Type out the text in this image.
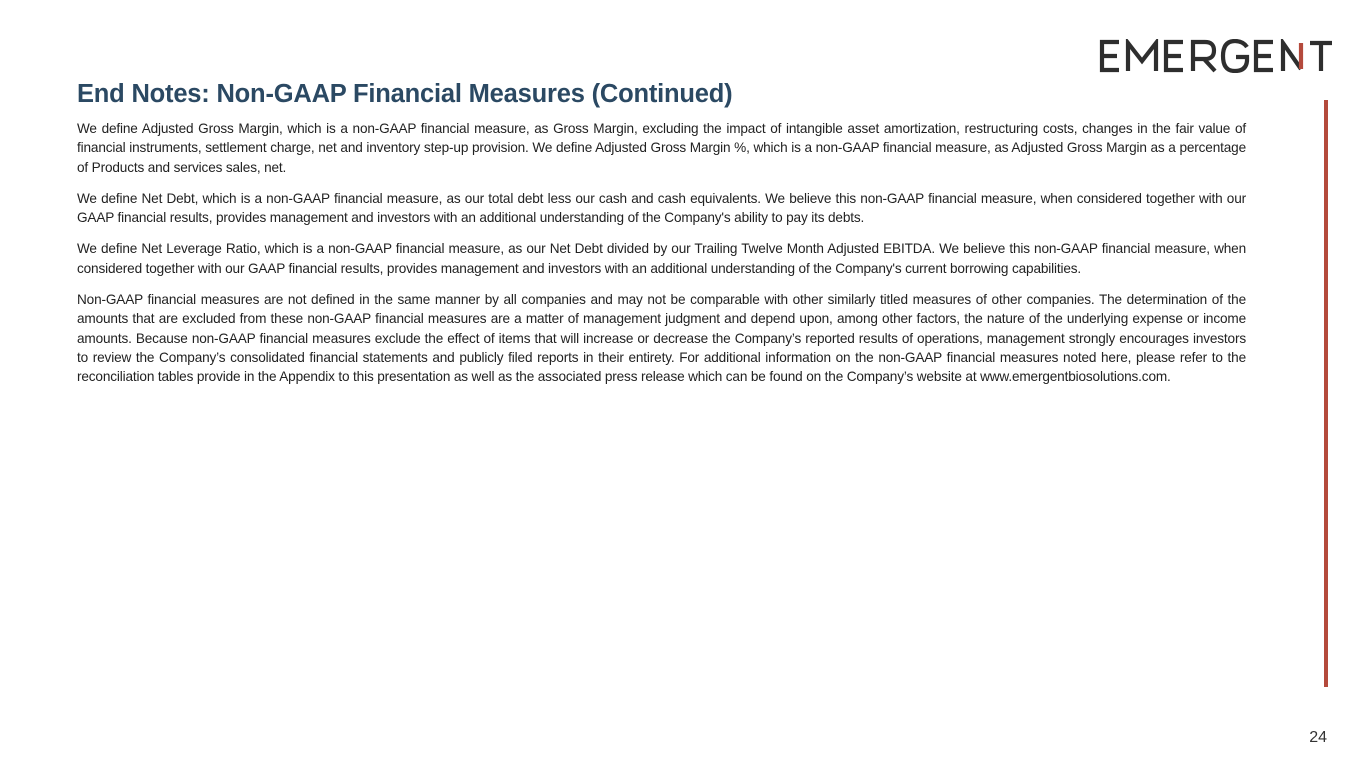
End Notes: Non-GAAP Financial Measures (Continued)

We define Adjusted Gross Margin, which is a non-GAAP financial measure, as Gross Margin, excluding the impact of intangible asset amortization, restructuring costs, changes in the fair value of financial instruments, settlement charge, net and inventory step-up provision. We define Adjusted Gross Margin %, which is a non-GAAP financial measure, as Adjusted Gross Margin as a percentage of Products and services sales, net.

We define Net Debt, which is a non-GAAP financial measure, as our total debt less our cash and cash equivalents. We believe this non-GAAP financial measure, when considered together with our GAAP financial results, provides management and investors with an additional understanding of the Company's ability to pay its debts.

We define Net Leverage Ratio, which is a non-GAAP financial measure, as our Net Debt divided by our Trailing Twelve Month Adjusted EBITDA. We believe this non-GAAP financial measure, when considered together with our GAAP financial results, provides management and investors with an additional understanding of the Company's current borrowing capabilities.

Non-GAAP financial measures are not defined in the same manner by all companies and may not be comparable with other similarly titled measures of other companies. The determination of the amounts that are excluded from these non-GAAP financial measures are a matter of management judgment and depend upon, among other factors, the nature of the underlying expense or income amounts. Because non-GAAP financial measures exclude the effect of items that will increase or decrease the Company’s reported results of operations, management strongly encourages investors to review the Company’s consolidated financial statements and publicly filed reports in their entirety. For additional information on the non-GAAP financial measures noted here, please refer to the reconciliation tables provide in the Appendix to this presentation as well as the associated press release which can be found on the Company’s website at www.emergentbiosolutions.com.

24
